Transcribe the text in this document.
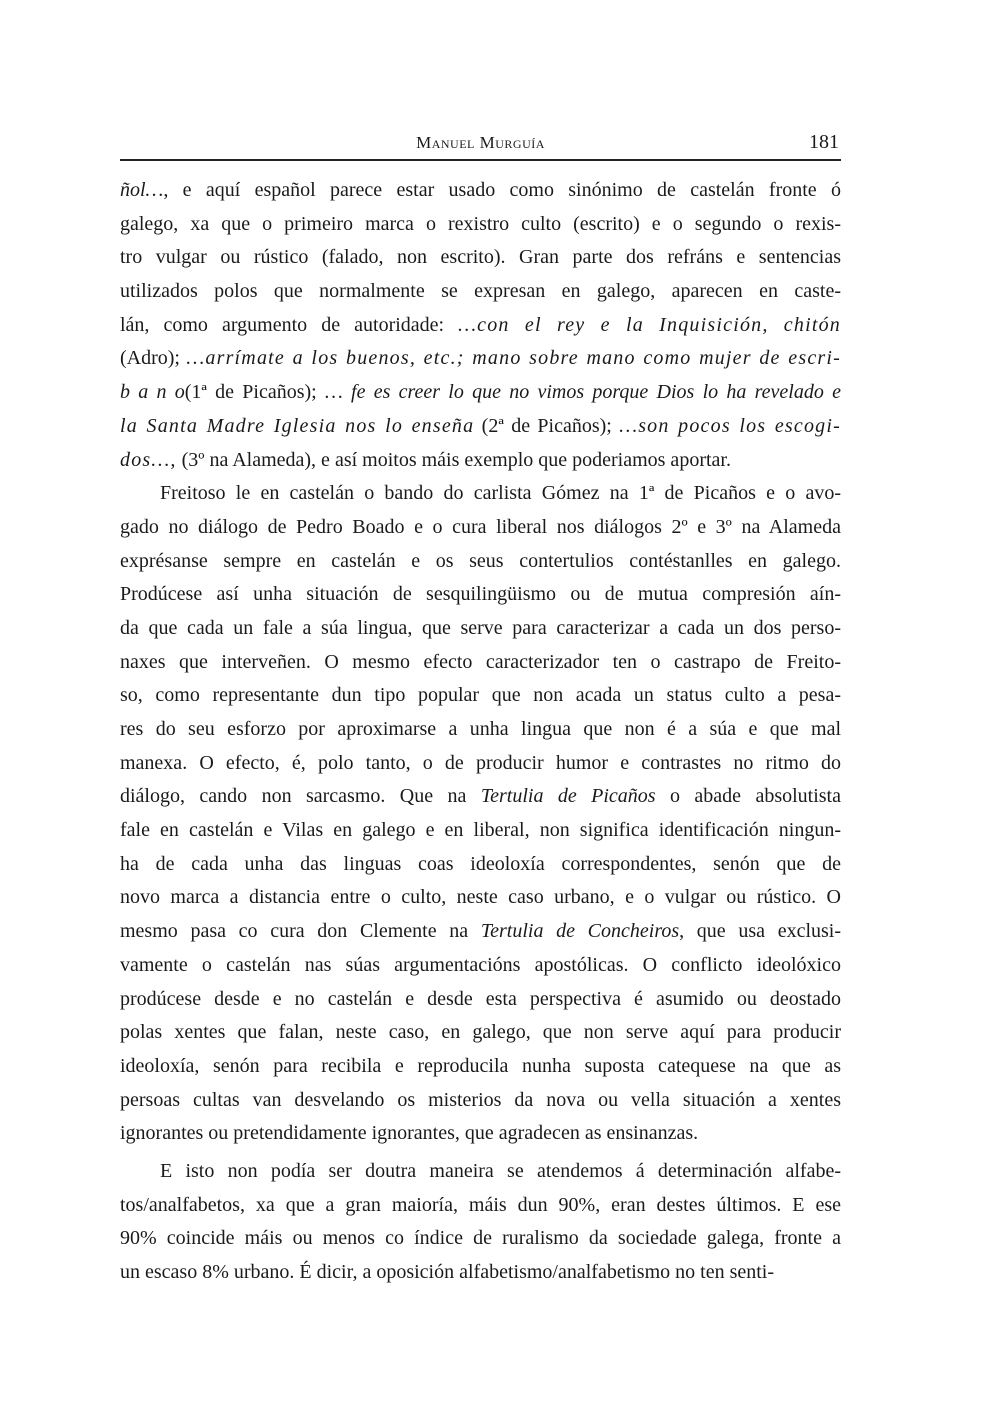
Manuel Murguía	181
ñol…, e aquí español parece estar usado como sinónimo de castelán fronte ó
galego, xa que o primeiro marca o rexistro culto (escrito) e o segundo o rexis-
tro vulgar ou rústico (falado, non escrito). Gran parte dos refráns e sentencias
utilizados polos que normalmente se expresan en galego, aparecen en caste-
lán, como argumento de autoridade: …con el rey e la Inquisición, chitón
(Adro); …arrímate a los buenos, etc.; mano sobre mano como mujer de escri-
b a n o(1ª de Picaños); … fe es creer lo que no vimos porque Dios lo ha revelado e
la Santa Madre Iglesia nos lo enseña (2ª de Picaños); …son pocos los escogi-
dos…, (3º na Alameda), e así moitos máis exemplo que poderiamos aportar.
Freitoso le en castelán o bando do carlista Gómez na 1ª de Picaños e o avo-
gado no diálogo de Pedro Boado e o cura liberal nos diálogos 2º e 3º na Alameda
exprésanse sempre en castelán e os seus contertulios contéstanlles en galego.
Prodúcese así unha situación de sesquilingüismo ou de mutua compresión aín-
da que cada un fale a súa lingua, que serve para caracterizar a cada un dos perso-
naxes que interveñen. O mesmo efecto caracterizador ten o castrapo de Freito-
so, como representante dun tipo popular que non acada un status culto a pesa-
res do seu esforzo por aproximarse a unha lingua que non é a súa e que mal
manexa. O efecto, é, polo tanto, o de producir humor e contrastes no ritmo do
diálogo, cando non sarcasmo. Que na Tertulia de Picaños o abade absolutista
fale en castelán e Vilas en galego e en liberal, non significa identificación ningun-
ha de cada unha das linguas coas ideoloxía correspondentes, senón que de
novo marca a distancia entre o culto, neste caso urbano, e o vulgar ou rústico. O
mesmo pasa co cura don Clemente na Tertulia de Concheiros, que usa exclusi-
vamente o castelán nas súas argumentacións apostólicas. O conflicto ideolóxico
prodúcese desde e no castelán e desde esta perspectiva é asumido ou deostado
polas xentes que falan, neste caso, en galego, que non serve aquí para producir
ideoloxía, senón para recibila e reproducila nunha suposta catequese na que as
persoas cultas van desvelando os misterios da nova ou vella situación a xentes
ignorantes ou pretendidamente ignorantes, que agradecen as ensinanzas.
E isto non podía ser doutra maneira se atendemos á determinación alfabe-
tos/analfabetos, xa que a gran maioría, máis dun 90%, eran destes últimos. E ese
90% coincide máis ou menos co índice de ruralismo da sociedade galega, fronte a
un escaso 8% urbano. É dicir, a oposición alfabetismo/analfabetismo no ten senti-
